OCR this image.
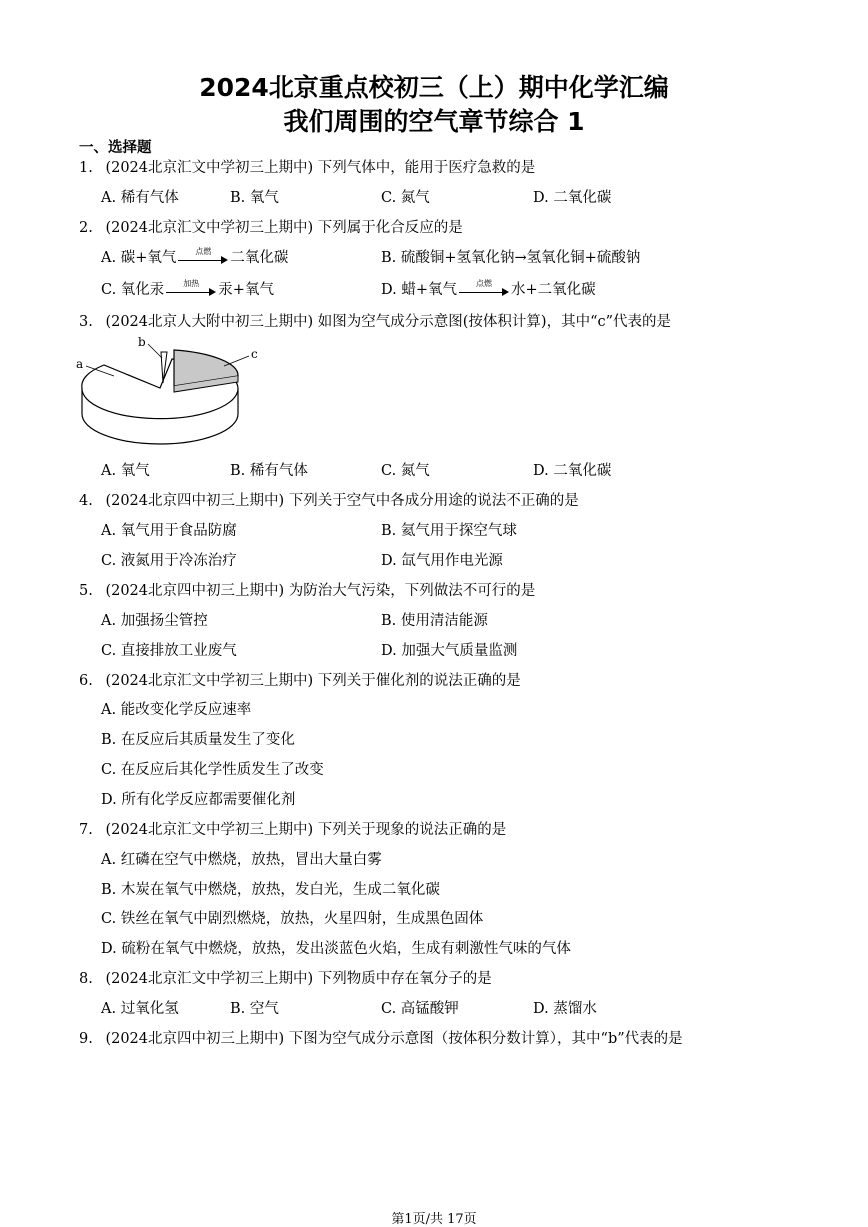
2024北京重点校初三（上）期中化学汇编
我们周围的空气章节综合 1
一、选择题
1. (2024北京汇文中学初三上期中) 下列气体中，能用于医疗急救的是
A. 稀有气体	B. 氧气	C. 氮气	D. 二氧化碳
2. (2024北京汇文中学初三上期中) 下列属于化合反应的是
A. 碳+氧气	点燃	二氧化碳	B. 硫酸铜+氢氧化钠→氢氧化铜+硫酸钠
C. 氧化汞	加热	汞+氧气	D. 蜡+氧气	点燃	水+二氧化碳
3. (2024北京人大附中初三上期中) 如图为空气成分示意图(按体积计算)，其中“c”代表的是
a
b
c
A. 氧气	B. 稀有气体	C. 氮气	D. 二氧化碳
4. (2024北京四中初三上期中) 下列关于空气中各成分用途的说法不正确的是
A. 氧气用于食品防腐	B. 氦气用于探空气球
C. 液氮用于冷冻治疗	D. 氙气用作电光源
5. (2024北京四中初三上期中) 为防治大气污染，下列做法不可行的是
A. 加强扬尘管控	B. 使用清洁能源
C. 直接排放工业废气	D. 加强大气质量监测
6. (2024北京汇文中学初三上期中) 下列关于催化剂的说法正确的是
A. 能改变化学反应速率
B. 在反应后其质量发生了变化
C. 在反应后其化学性质发生了改变
D. 所有化学反应都需要催化剂
7. (2024北京汇文中学初三上期中) 下列关于现象的说法正确的是
A. 红磷在空气中燃烧，放热，冒出大量白雾
B. 木炭在氧气中燃烧，放热，发白光，生成二氧化碳
C. 铁丝在氧气中剧烈燃烧，放热，火星四射，生成黑色固体
D. 硫粉在氧气中燃烧，放热，发出淡蓝色火焰，生成有刺激性气味的气体
8. (2024北京汇文中学初三上期中) 下列物质中存在氧分子的是
A. 过氧化氢	B. 空气	C. 高锰酸钾	D. 蒸馏水
9. (2024北京四中初三上期中) 下图为空气成分示意图（按体积分数计算），其中“b”代表的是
第1页/共 17页
